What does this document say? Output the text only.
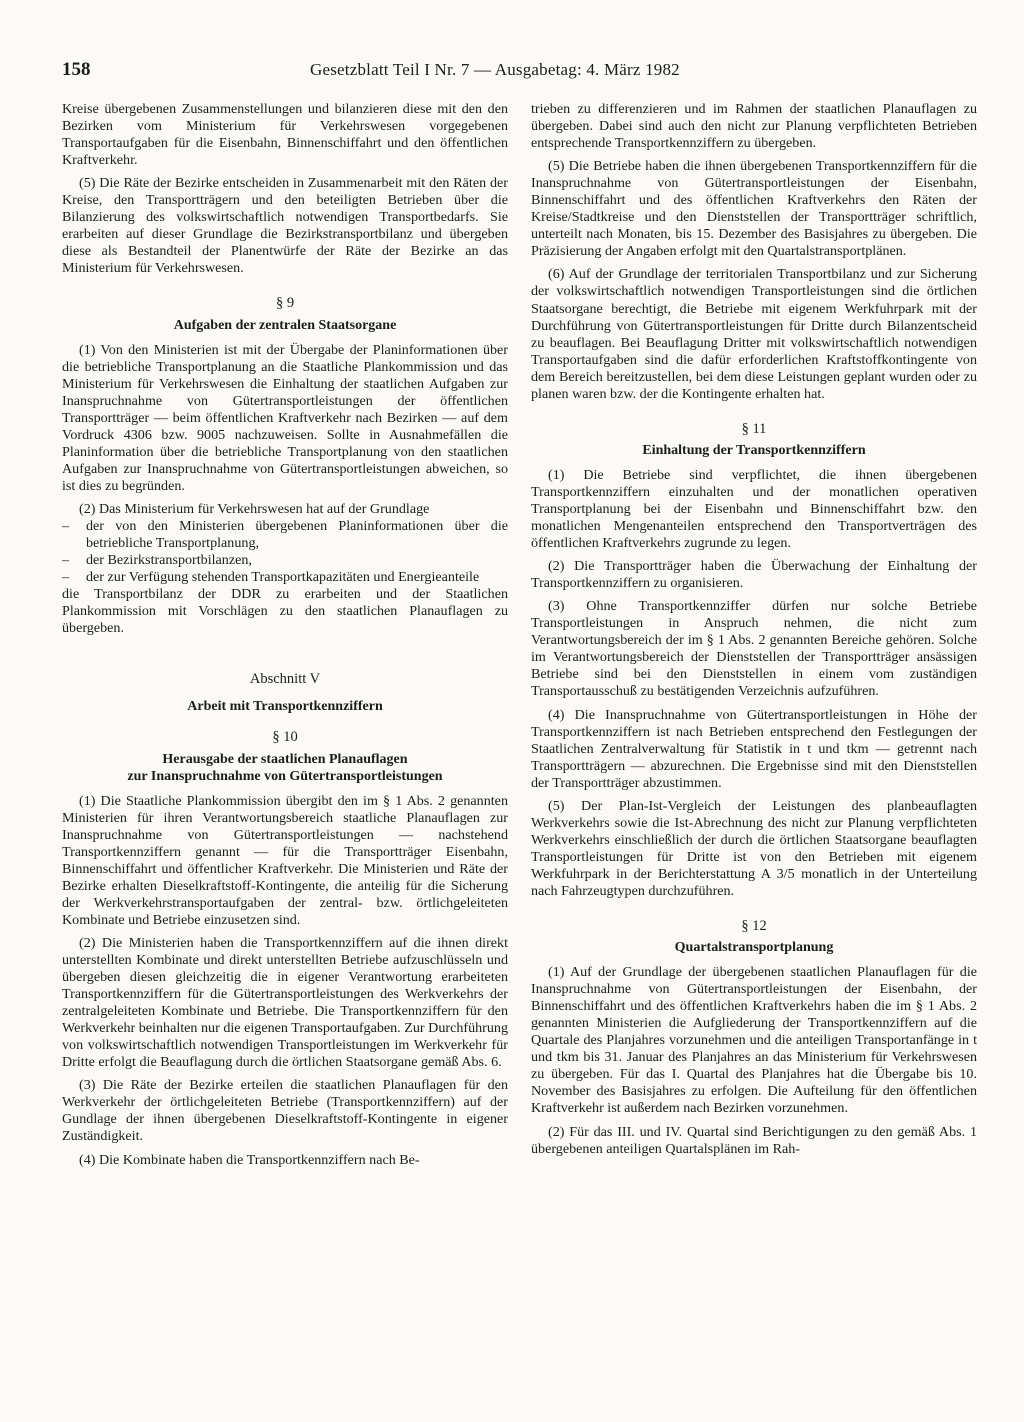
158	Gesetzblatt Teil I Nr. 7 — Ausgabetag: 4. März 1982

Kreise übergebenen Zusammenstellungen und bilanzieren diese mit den den Bezirken vom Ministerium für Verkehrswesen vorgegebenen Transportaufgaben für die Eisenbahn, Binnenschiffahrt und den öffentlichen Kraftverkehr.

(5) Die Räte der Bezirke entscheiden in Zusammenarbeit mit den Räten der Kreise, den Transportträgern und den beteiligten Betrieben über die Bilanzierung des volkswirtschaftlich notwendigen Transportbedarfs. Sie erarbeiten auf dieser Grundlage die Bezirkstransportbilanz und übergeben diese als Bestandteil der Planentwürfe der Räte der Bezirke an das Ministerium für Verkehrswesen.

§ 9
Aufgaben der zentralen Staatsorgane

(1) Von den Ministerien ist mit der Übergabe der Planinformationen über die betriebliche Transportplanung an die Staatliche Plankommission und das Ministerium für Verkehrswesen die Einhaltung der staatlichen Aufgaben zur Inanspruchnahme von Gütertransportleistungen der öffentlichen Transportträger — beim öffentlichen Kraftverkehr nach Bezirken — auf dem Vordruck 4306 bzw. 9005 nachzuweisen. Sollte in Ausnahmefällen die Planinformation über die betriebliche Transportplanung von den staatlichen Aufgaben zur Inanspruchnahme von Gütertransportleistungen abweichen, so ist dies zu begründen.

(2) Das Ministerium für Verkehrswesen hat auf der Grundlage

– der von den Ministerien übergebenen Planinformationen über die betriebliche Transportplanung,
– der Bezirkstransportbilanzen,
– der zur Verfügung stehenden Transportkapazitäten und Energieanteile

die Transportbilanz der DDR zu erarbeiten und der Staatlichen Plankommission mit Vorschlägen zu den staatlichen Planauflagen zu übergeben.

Abschnitt V
Arbeit mit Transportkennziffern
§ 10
Herausgabe der staatlichen Planauflagen
zur Inanspruchnahme von Gütertransportleistungen

(1) Die Staatliche Plankommission übergibt den im § 1 Abs. 2 genannten Ministerien für ihren Verantwortungsbereich staatliche Planauflagen zur Inanspruchnahme von Gütertransportleistungen — nachstehend Transportkennziffern genannt — für die Transportträger Eisenbahn, Binnenschiffahrt und öffentlicher Kraftverkehr. Die Ministerien und Räte der Bezirke erhalten Dieselkraftstoff-Kontingente, die anteilig für die Sicherung der Werkverkehrstransportaufgaben der zentral- bzw. örtlichgeleiteten Kombinate und Betriebe einzusetzen sind.

(2) Die Ministerien haben die Transportkennziffern auf die ihnen direkt unterstellten Kombinate und direkt unterstellten Betriebe aufzuschlüsseln und übergeben diesen gleichzeitig die in eigener Verantwortung erarbeiteten Transportkennziffern für die Gütertransportleistungen des Werkverkehrs der zentralgeleiteten Kombinate und Betriebe. Die Transportkennziffern für den Werkverkehr beinhalten nur die eigenen Transportaufgaben. Zur Durchführung von volkswirtschaftlich notwendigen Transportleistungen im Werkverkehr für Dritte erfolgt die Beauflagung durch die örtlichen Staatsorgane gemäß Abs. 6.

(3) Die Räte der Bezirke erteilen die staatlichen Planauflagen für den Werkverkehr der örtlichgeleiteten Betriebe (Transportkennziffern) auf der Gundlage der ihnen übergebenen Dieselkraftstoff-Kontingente in eigener Zuständigkeit.

(4) Die Kombinate haben die Transportkennziffern nach Be-

trieben zu differenzieren und im Rahmen der staatlichen Planauflagen zu übergeben. Dabei sind auch den nicht zur Planung verpflichteten Betrieben entsprechende Transportkennziffern zu übergeben.

(5) Die Betriebe haben die ihnen übergebenen Transportkennziffern für die Inanspruchnahme von Gütertransportleistungen der Eisenbahn, Binnenschiffahrt und des öffentlichen Kraftverkehrs den Räten der Kreise/Stadtkreise und den Dienststellen der Transportträger schriftlich, unterteilt nach Monaten, bis 15. Dezember des Basisjahres zu übergeben. Die Präzisierung der Angaben erfolgt mit den Quartalstransportplänen.

(6) Auf der Grundlage der territorialen Transportbilanz und zur Sicherung der volkswirtschaftlich notwendigen Transportleistungen sind die örtlichen Staatsorgane berechtigt, die Betriebe mit eigenem Werkfuhrpark mit der Durchführung von Gütertransportleistungen für Dritte durch Bilanzentscheid zu beauflagen. Bei Beauflagung Dritter mit volkswirtschaftlich notwendigen Transportaufgaben sind die dafür erforderlichen Kraftstoffkontingente von dem Bereich bereitzustellen, bei dem diese Leistungen geplant wurden oder zu planen waren bzw. der die Kontingente erhalten hat.

§ 11
Einhaltung der Transportkennziffern

(1) Die Betriebe sind verpflichtet, die ihnen übergebenen Transportkennziffern einzuhalten und der monatlichen operativen Transportplanung bei der Eisenbahn und Binnenschiffahrt bzw. den monatlichen Mengenanteilen entsprechend den Transportverträgen des öffentlichen Kraftverkehrs zugrunde zu legen.

(2) Die Transportträger haben die Überwachung der Einhaltung der Transportkennziffern zu organisieren.

(3) Ohne Transportkennziffer dürfen nur solche Betriebe Transportleistungen in Anspruch nehmen, die nicht zum Verantwortungsbereich der im § 1 Abs. 2 genannten Bereiche gehören. Solche im Verantwortungsbereich der Dienststellen der Transportträger ansässigen Betriebe sind bei den Dienststellen in einem vom zuständigen Transportausschuß zu bestätigenden Verzeichnis aufzuführen.

(4) Die Inanspruchnahme von Gütertransportleistungen in Höhe der Transportkennziffern ist nach Betrieben entsprechend den Festlegungen der Staatlichen Zentralverwaltung für Statistik in t und tkm — getrennt nach Transportträgern — abzurechnen. Die Ergebnisse sind mit den Dienststellen der Transportträger abzustimmen.

(5) Der Plan-Ist-Vergleich der Leistungen des planbeauflagten Werkverkehrs sowie die Ist-Abrechnung des nicht zur Planung verpflichteten Werkverkehrs einschließlich der durch die örtlichen Staatsorgane beauflagten Transportleistungen für Dritte ist von den Betrieben mit eigenem Werkfuhrpark in der Berichterstattung A 3/5 monatlich in der Unterteilung nach Fahrzeugtypen durchzuführen.

§ 12
Quartalstransportplanung

(1) Auf der Grundlage der übergebenen staatlichen Planauflagen für die Inanspruchnahme von Gütertransportleistungen der Eisenbahn, der Binnenschiffahrt und des öffentlichen Kraftverkehrs haben die im § 1 Abs. 2 genannten Ministerien die Aufgliederung der Transportkennziffern auf die Quartale des Planjahres vorzunehmen und die anteiligen Transportanfänge in t und tkm bis 31. Januar des Planjahres an das Ministerium für Verkehrswesen zu übergeben. Für das I. Quartal des Planjahres hat die Übergabe bis 10. November des Basisjahres zu erfolgen. Die Aufteilung für den öffentlichen Kraftverkehr ist außerdem nach Bezirken vorzunehmen.

(2) Für das III. und IV. Quartal sind Berichtigungen zu den gemäß Abs. 1 übergebenen anteiligen Quartalsplänen im Rah-
